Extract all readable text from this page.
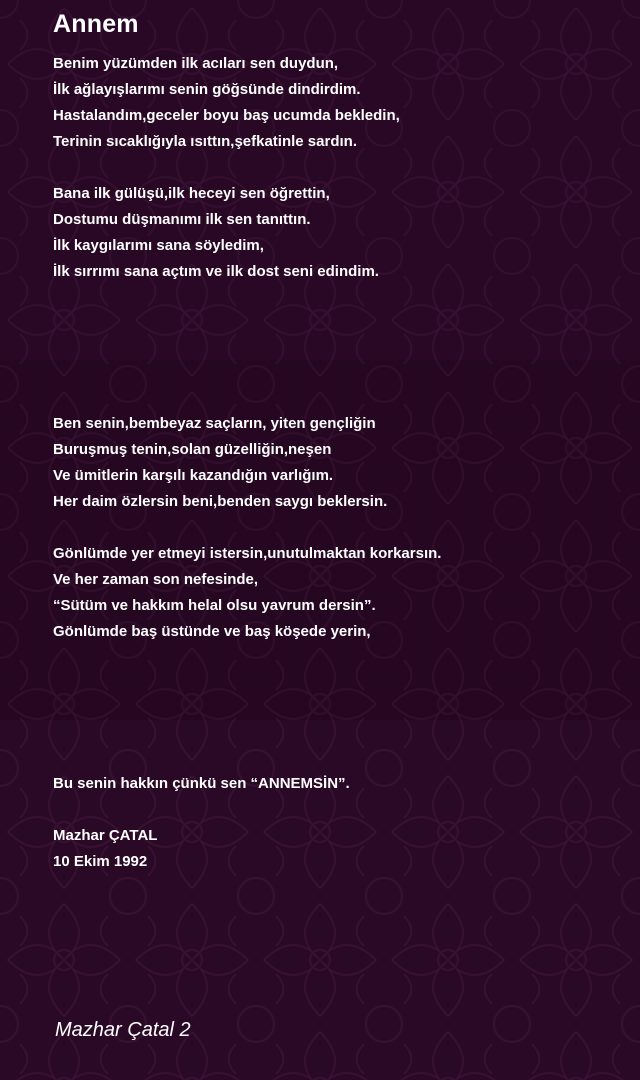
Annem
Benim yüzümden ilk acıları sen duydun,
İlk ağlayışlarımı senin göğsünde dindirdim.
Hastalandım,geceler boyu baş ucumda bekledin,
Terinin sıcaklığıyla ısıttın,şefkatinle sardın.
Bana ilk gülüşü,ilk heceyi sen öğrettin,
Dostumu düşmanımı ilk sen tanıttın.
İlk kaygılarımı sana söyledim,
İlk sırrımı sana açtım ve ilk dost seni edindim.
Ben senin,bembeyaz saçların, yiten gençliğin
Buruşmuş tenin,solan güzelliğin,neşen
Ve ümitlerin karşılı kazandığın varlığım.
Her daim özlersin beni,benden saygı beklersin.
Gönlümde yer etmeyi istersin,unutulmaktan korkarsın.
Ve her zaman son nefesinde,
“Sütüm ve hakkım helal olsu yavrum dersin”.
Gönlümde baş üstünde ve baş köşede yerin,
Bu senin hakkın çünkü sen “ANNEMSİN”.
Mazhar ÇATAL
10 Ekim 1992
Mazhar Çatal 2
